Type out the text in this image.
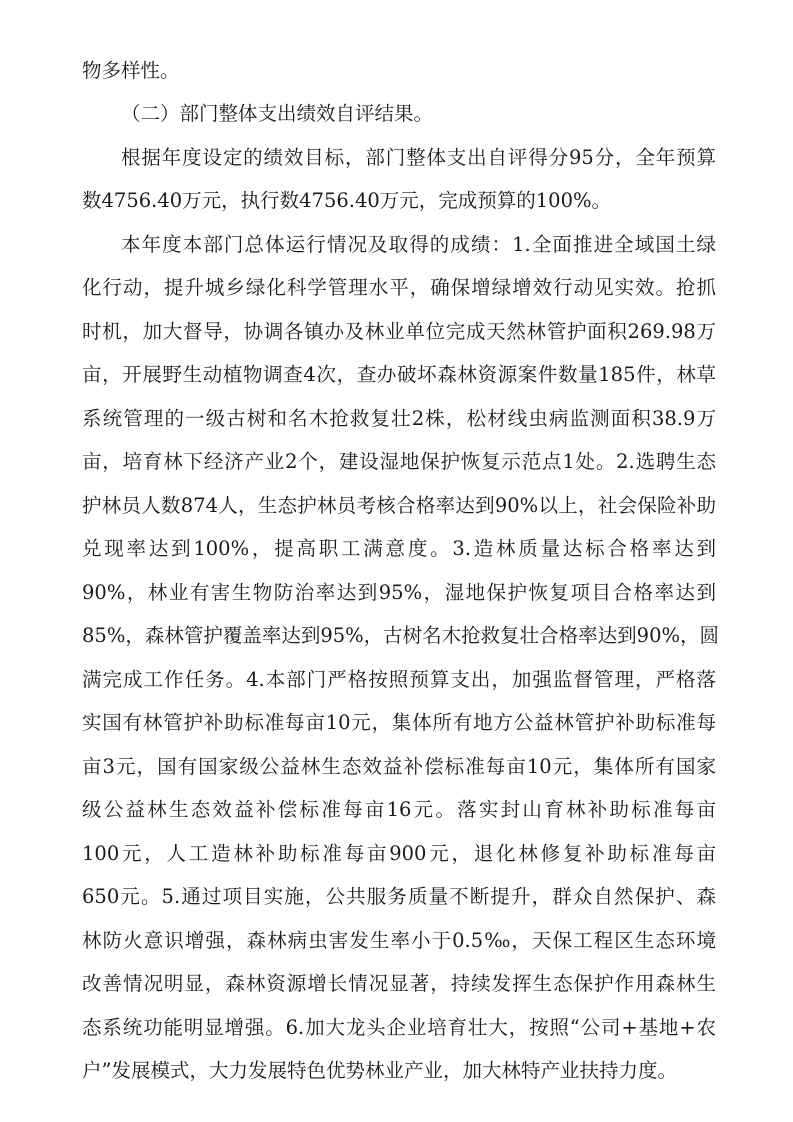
物多样性。
（二）部门整体支出绩效自评结果。
根据年度设定的绩效目标，部门整体支出自评得分95分，全年预算
数4756.40万元，执行数4756.40万元，完成预算的100%。
本年度本部门总体运行情况及取得的成绩：1.全面推进全域国土绿
化行动，提升城乡绿化科学管理水平，确保增绿增效行动见实效。抢抓
时机，加大督导，协调各镇办及林业单位完成天然林管护面积269.98万
亩，开展野生动植物调查4次，查办破坏森林资源案件数量185件，林草
系统管理的一级古树和名木抢救复壮2株，松材线虫病监测面积38.9万
亩，培育林下经济产业2个，建设湿地保护恢复示范点1处。2.选聘生态
护林员人数874人，生态护林员考核合格率达到90%以上，社会保险补助
兑现率达到100%，提高职工满意度。3.造林质量达标合格率达到
90%，林业有害生物防治率达到95%，湿地保护恢复项目合格率达到
85%，森林管护覆盖率达到95%，古树名木抢救复壮合格率达到90%，圆
满完成工作任务。4.本部门严格按照预算支出，加强监督管理，严格落
实国有林管护补助标准每亩10元，集体所有地方公益林管护补助标准每
亩3元，国有国家级公益林生态效益补偿标准每亩10元，集体所有国家
级公益林生态效益补偿标准每亩16元。落实封山育林补助标准每亩
100元，人工造林补助标准每亩900元，退化林修复补助标准每亩
650元。5.通过项目实施，公共服务质量不断提升，群众自然保护、森
林防火意识增强，森林病虫害发生率小于0.5‰，天保工程区生态环境
改善情况明显，森林资源增长情况显著，持续发挥生态保护作用森林生
态系统功能明显增强。6.加大龙头企业培育壮大，按照“公司+基地+农
户”发展模式，大力发展特色优势林业产业，加大林特产业扶持力度。
